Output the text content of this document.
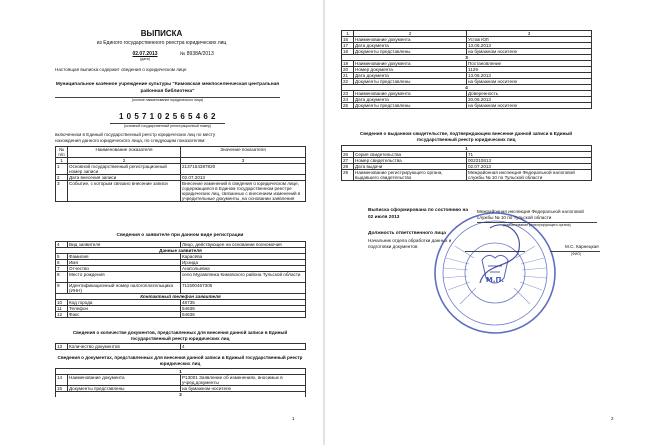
ВЫПИСКА
из Единого государственного реестра юридических лиц
02.07.2013
(дата)
№ 8938А/2013
Настоящая выписка содержит сведения о юридическом лице
Муниципальное казённое учреждение культуры "Кимовская межпоселенческая центральная
районная библиотека"
(полное наименование юридического лица)
1 0 5 7 1 0 2 5 6 5 4 6 2
(основной государственный регистрационный номер)
включенном в Единый государственный реестр юридических лиц по месту
нахождения данного юридического лица, по следующим показателям:
№ п/п	Наименование показателя	Значение показателя
1	2	3
1	Основной государственный регистрационный номер записи	2137154387820
2	Дата внесения записи	02.07.2013
3	Событие, с которым связано внесение записи	Внесение изменений в сведения о юридическом лице, содержащиеся в Едином государственном реестре юридических лиц, связанных с внесением изменений в учредительные документы, на основании заявления
Сведения о заявителе при данном виде регистрации
4	Вид заявителя	Лицо, действующее на основании полномочия
Данные заявителя		
5	Фамилия	Карасёва
6	Имя	Ирэида
7	Отчество	Анатольевна
8	Место рождения	село Муравлянка Кимовского района Тульской области
9	Идентификационный номер налогоплательщика (ИНН)	711500467305
Контактный телефон заявителя		
10	Код города	48735
11	Телефон	54636
12	Факс	54636
Сведения о количестве документов, представленных для внесения данной записи в Единый государственный реестр юридических лиц
13	Количество документов	4
Сведения о документах, представленных для внесения данной записи в Единый государственный реестр юридических лиц
1		
14	Наименование документа	Р13001 Заявление об изменениях, вносимых в учред.документы
15	Документы представлены	на бумажном носителе
2		
1
1	2	3
16	Наименование документа	Устав ЮЛ
17	Дата документа	13.06.2013
18	Документы представлены	на бумажном носителе
3		
19	Наименование документа	Постановление
20	Номер документа	1129
21	Дата документа	13.06.2013
22	Документы представлены	на бумажном носителе
4		
23	Наименование документа	Доверенность
24	Дата документа	20.06.2013
25	Документы представлены	на бумажном носителе
Сведения о выданном свидетельстве, подтверждающем внесение данной записи в Единый государственный реестр юридических лиц
1		
26	Серия свидетельства	71
27	Номер свидетельства	002310813
28	Дата выдачи	02.07.2013
29	Наименование регистрирующего органа, выдавшего свидетельство	Межрайонная инспекция Федеральной налоговой службы № 10 по Тульской области
Выписка сформирована по состоянию на
02 июля 2013
Межрайонная инспекция Федеральной налоговой службы № 10 по Тульской области
(наименование регистрирующего органа)
Должность ответственного лица
Начальник отдела обработки данных и
подготовки документов	М.С. Карнецкая
(ФИО)
М.П.
2
